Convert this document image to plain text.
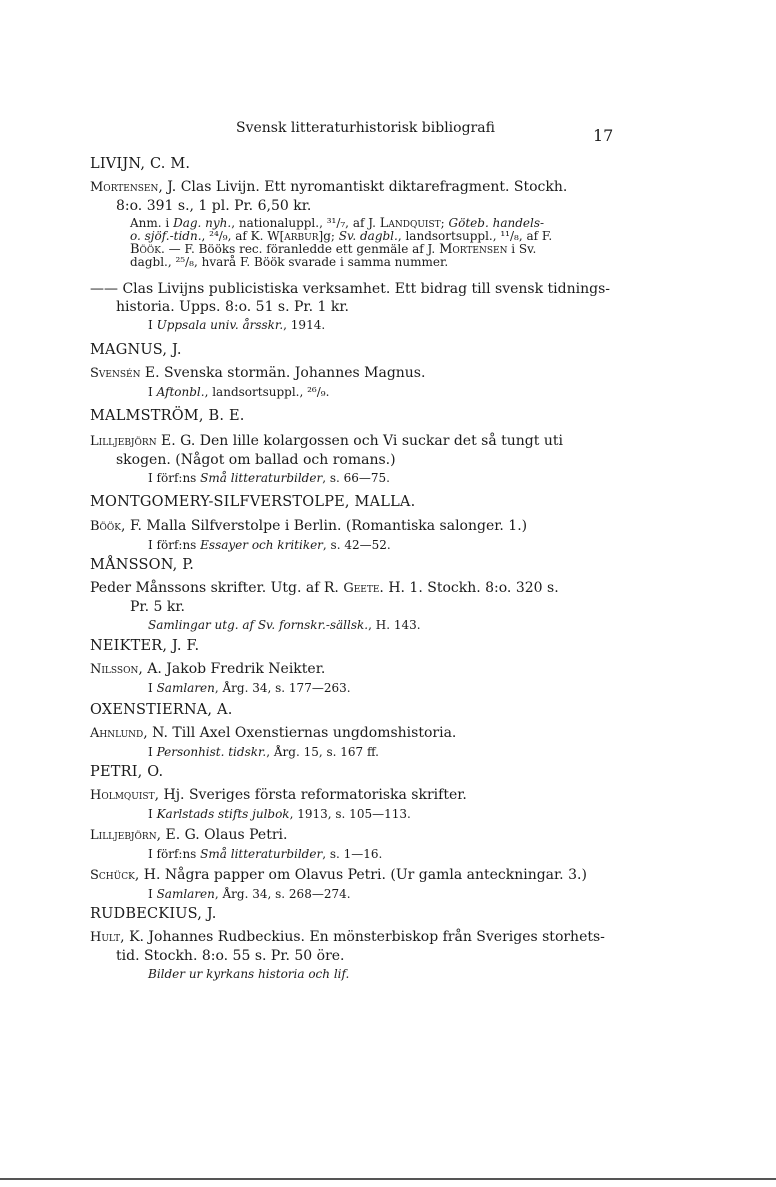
Svensk litteraturhistorisk bibliografi	17
LIVIJN, C. M.
Mortensen, J. Clas Livijn. Ett nyromantiskt diktarefragment. Stockh.
8:o. 391 s., 1 pl. Pr. 6,50 kr.
Anm. i Dag. nyh., nationaluppl., ³¹/₇, af J. Landquist; Göteb. handels-
o. sjöf.-tidn., ²⁴/₉, af K. W[arbur]g; Sv. dagbl., landsortsuppl., ¹¹/₈, af F.
Böök. — F. Bööks rec. föranledde ett genmäle af J. Mortensen i Sv.
dagbl., ²⁵/₈, hvarå F. Böök svarade i samma nummer.
—— Clas Livijns publicistiska verksamhet. Ett bidrag till svensk tidnings-
historia. Upps. 8:o. 51 s. Pr. 1 kr.
I Uppsala univ. årsskr., 1914.
MAGNUS, J.
Svensén E. Svenska stormän. Johannes Magnus.
I Aftonbl., landsortsuppl., ²⁶/₉.
MALMSTRÖM, B. E.
Lilljebjörn E. G. Den lille kolargossen och Vi suckar det så tungt uti
skogen. (Något om ballad och romans.)
I förf:ns Små litteraturbilder, s. 66—75.
MONTGOMERY-SILFVERSTOLPE, MALLA.
Böök, F. Malla Silfverstolpe i Berlin. (Romantiska salonger. 1.)
I förf:ns Essayer och kritiker, s. 42—52.
MÅNSSON, P.
Peder Månssons skrifter. Utg. af R. Geete. H. 1. Stockh. 8:o. 320 s.
Pr. 5 kr.
Samlingar utg. af Sv. fornskr.-sällsk., H. 143.
NEIKTER, J. F.
Nilsson, A. Jakob Fredrik Neikter.
I Samlaren, Årg. 34, s. 177—263.
OXENSTIERNA, A.
Ahnlund, N. Till Axel Oxenstiernas ungdomshistoria.
I Personhist. tidskr., Årg. 15, s. 167 ff.
PETRI, O.
Holmquist, Hj. Sveriges första reformatoriska skrifter.
I Karlstads stifts julbok, 1913, s. 105—113.
Lilljebjörn, E. G. Olaus Petri.
I förf:ns Små litteraturbilder, s. 1—16.
Schück, H. Några papper om Olavus Petri. (Ur gamla anteckningar. 3.)
I Samlaren, Årg. 34, s. 268—274.
RUDBECKIUS, J.
Hult, K. Johannes Rudbeckius. En mönsterbiskop från Sveriges storhets-
tid. Stockh. 8:o. 55 s. Pr. 50 öre.
Bilder ur kyrkans historia och lif.
